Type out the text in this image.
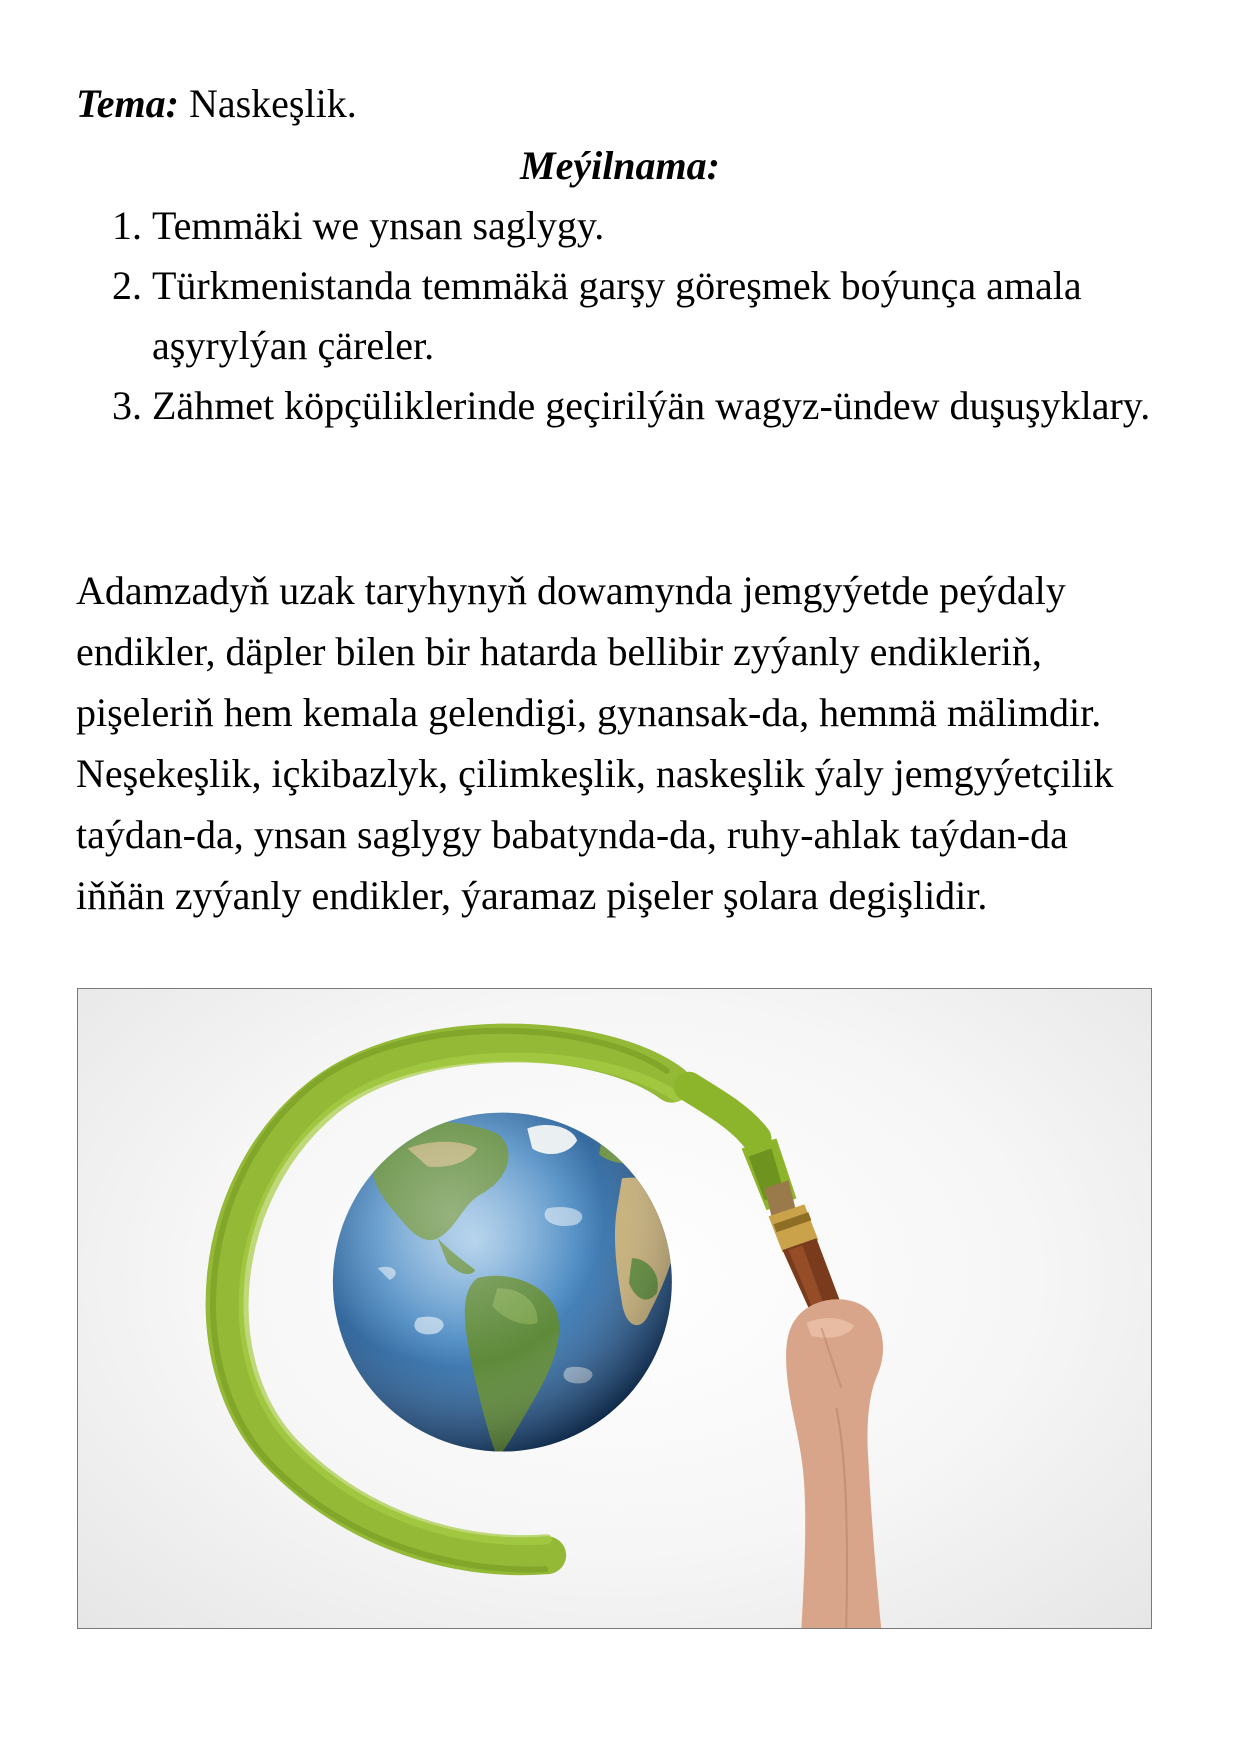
Tema: Naskeşlik.
Meýilnama:
1. Temmäki we ynsan saglygy.
2. Türkmenistanda temmäkä garşy göreşmek boýunça amala aşyrylýan çäreler.
3. Zähmet köpçüliklerinde geçirilýän wagyz-ündew duşuşyklary.

Adamzadyň uzak taryhynyň dowamynda jemgyýetde peýdaly endikler, däpler bilen bir hatarda bellibir zyýanly endikleriň, pişeleriň hem kemala gelendigi, gynansak-da, hemmä mälimdir. Neşekeşlik, içkibazlyk, çilimkeşlik, naskeşlik ýaly jemgyýetçilik taýdan-da, ynsan saglygy babatynda-da, ruhy-ahlak taýdan-da iňňän zyýanly endikler, ýaramaz pişeler şolara degişlidir.
